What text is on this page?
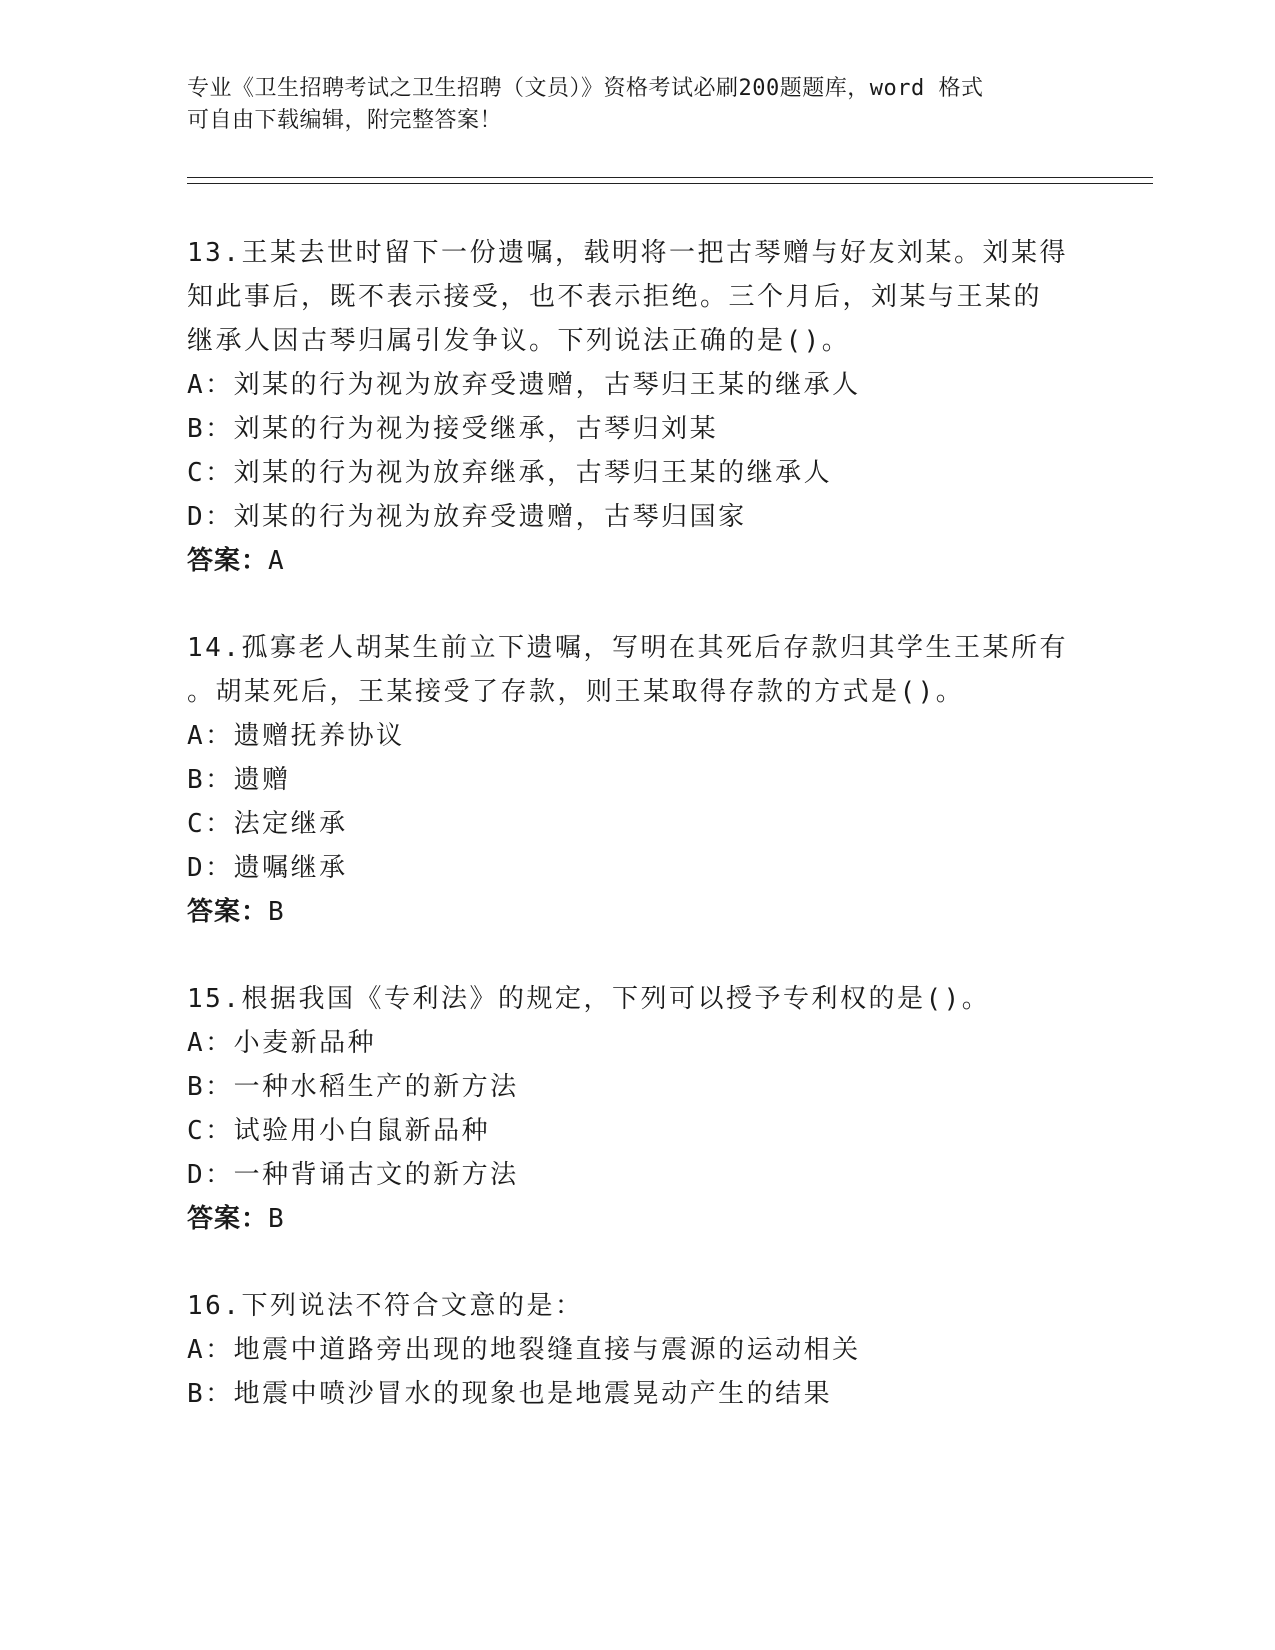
专业《卫生招聘考试之卫生招聘（文员）》资格考试必刷200题题库，word 格式
可自由下载编辑，附完整答案！
13.王某去世时留下一份遗嘱，载明将一把古琴赠与好友刘某。刘某得
知此事后，既不表示接受，也不表示拒绝。三个月后，刘某与王某的
继承人因古琴归属引发争议。下列说法正确的是()。
A：刘某的行为视为放弃受遗赠，古琴归王某的继承人
B：刘某的行为视为接受继承，古琴归刘某
C：刘某的行为视为放弃继承，古琴归王某的继承人
D：刘某的行为视为放弃受遗赠，古琴归国家
答案：A
14.孤寡老人胡某生前立下遗嘱，写明在其死后存款归其学生王某所有
。胡某死后，王某接受了存款，则王某取得存款的方式是()。
A：遗赠抚养协议
B：遗赠
C：法定继承
D：遗嘱继承
答案：B
15.根据我国《专利法》的规定，下列可以授予专利权的是()。
A：小麦新品种
B：一种水稻生产的新方法
C：试验用小白鼠新品种
D：一种背诵古文的新方法
答案：B
16.下列说法不符合文意的是：
A：地震中道路旁出现的地裂缝直接与震源的运动相关
B：地震中喷沙冒水的现象也是地震晃动产生的结果
